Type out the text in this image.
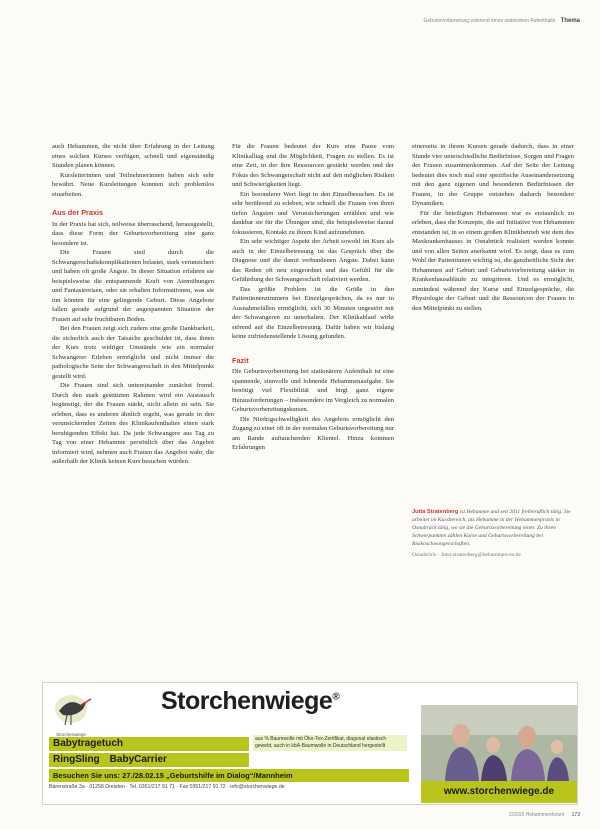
Geburtsvorbereitung während eines stationären Aufenthalts Thema

auch Hebammen, die nicht über Erfahrung in der Leitung eines solchen Kurses verfügen, schnell und eigenständig Stunden planen können.

Kursleiterinnen und Teilnehmerinnen haben sich sehr bewährt. Neue Kursleitungen konnten sich problemlos einarbeiten.

Aus der Praxis

In der Praxis hat sich, teilweise überraschend, herausgestellt, dass diese Form der Geburtsvorbereitung eine ganz besondere ist.

Die Frauen sind durch die Schwangerschaftskomplikationen belastet, stark verunsichert und haben oft große Ängste. In dieser Situation erfahren sie beispielsweise die entspannende Kraft von Atemübungen und Fantasiereisen, oder sie erhalten Informationen, was sie tun können für eine gelingende Geburt. Diese Angebote fallen gerade aufgrund der angespannten Situation der Frauen auf sehr fruchtbaren Boden.

Bei den Frauen zeigt sich zudem eine große Dankbarkeit, die sicherlich auch der Tatsache geschuldet ist, dass ihnen der Kurs trotz widriger Umstände wie ein normaler Schwangerer Erleben ermöglicht und nicht immer die pathologische Seite der Schwangerschaft in den Mittelpunkt gestellt wird.

Die Frauen sind sich untereinander zunächst fremd. Durch den stark gestützten Rahmen wird ein Austausch begünstigt, der die Frauen stärkt, nicht allein zu sein. Sie erleben, dass es anderen ähnlich ergeht, was gerade in den verunsichernden Zeiten des Klinikaufenthaltes einen stark beruhigenden Effekt hat. Da jede Schwangere aus Tag zu Tag von einer Hebamme persönlich über das Angebot informiert wird, nehmen auch Frauen das Angebot wahr, die außerhalb der Klinik keinen Kurs besuchen würden.

Für die Frauen bedeutet der Kurs eine Pause vom Klinikalltag und die Möglichkeit, Fragen zu stellen. Es ist eine Zeit, in der ihre Ressourcen gestärkt werden und der Fokus des Schwangerschaft nicht auf den möglichen Risiken und Schwierigkeiten liegt.

Ein besonderer Wert liegt in den Einzelbesuchen. Es ist sehr berührend zu erleben, wie schnell die Frauen von ihren tiefen Ängsten und Verunsicherungen erzählen und wie dankbar sie für die Übungen sind, die beispielsweise darauf fokussieren, Kontakt zu ihrem Kind aufzunehmen.

Ein sehr wichtiger Aspekt der Arbeit sowohl im Kurs als auch in der Einzelbetreuung ist das Gespräch über die Diagnose und die damit verbundenen Ängste. Dabei kann das Reden oft neu eingeordnet und das Gefühl für die Gefährdung der Schwangerschaft relativiert werden.

Das größte Problem ist die Größe in den Patientinnenzimmern bei Einzelgesprächen, da es nur in Ausnahmefällen ermöglicht, sich 30 Minuten ungestört mit der Schwangeren zu unterhalten. Der Klinikablauf wirkt störend auf die Einzelbetreuung. Dafür haben wir bislang keine zufriedenstellende Lösung gefunden.

Fazit

Die Geburtsvorbereitung bei stationärem Aufenthalt ist eine spannende, sinnvolle und lohnende Hebammenaufgabe. Sie benötigt viel Flexibilität und birgt ganz eigene Herausforderungen – insbesondere im Vergleich zu normalen Geburtsvorbereitungskursen.

Die Niedrigschwelligkeit des Angebots ermöglicht den Zugang zu einer oft in der normalen Geburtsvorbereitung nur am Rande auftauchenden Klientel. Hinzu kommen Erfahrungen

einerseits in ihrem Kursen gerade dadurch, dass in einer Stunde vier unterschiedliche Bedürfnisse, Sorgen und Fragen der Frauen zusammenkommen. Auf der Seite der Leitung bedeutet dies noch mal eine spezifische Auseinandersetzung mit den ganz eigenen und besonderen Bedürfnissen der Frauen, in der Gruppe entstehen dadurch besondere Dynamiken.

Für die beteiligten Hebammen war es erstaunlich zu erleben, dass die Konzepte, die auf Initiative von Hebammen entstanden ist, in so einem großen Klinikbetrieb wie dem des Maxkrankenhauses in Osnabrück realisiert werden konnte und von allen Seiten anerkannt wird. Es zeigt, dass es zum Wohl der Patientinnen wichtig ist, die ganzheitliche Sicht der Hebammen auf Geburt und Geburtsvorbereitung stärker in Krankenhausabläufe zu integrieren. Und es ermöglicht, zumindest während der Kurse und Einzelgespräche, die Physiologie der Geburt und die Ressourcen der Frauen in den Mittelpunkt zu stellen.

Jutta Stratenberg ist Hebamme und seit 2011 freiberuflich tätig. Sie arbeitet im Kursbereich, als Hebamme in der Hebammenpraxis in Osnabrück tätig, wo sie die Geburtsvorbereitung leitet. Zu ihren Schwerpunkten zählen Kurse und Geburtsvorbereitung bei Risikoschwangerschaften.
Osnabrück · Jutta.stratenberg@hebammen-os.de
Storchenwiege
Storchenwiege®
Babytragetuch
RingSling BabyCarrier
aus % Baumwolle mit Öko-Tex-Zertifikat, diagonal elastisch gewebt, auch in kbA-Baumwolle in Deutschland hergestellt
Besuchen Sie uns: 27./28.02.15 „Geburtshilfe im Dialog“/Mannheim
Bärenstraße 3a · 01258 Dresden · Tel. 0351/217 91 71 · Fax 0351/217 91 72 · info@storchenwiege.de	www.storchenwiege.de
2/2015 Hebammenforum 173
